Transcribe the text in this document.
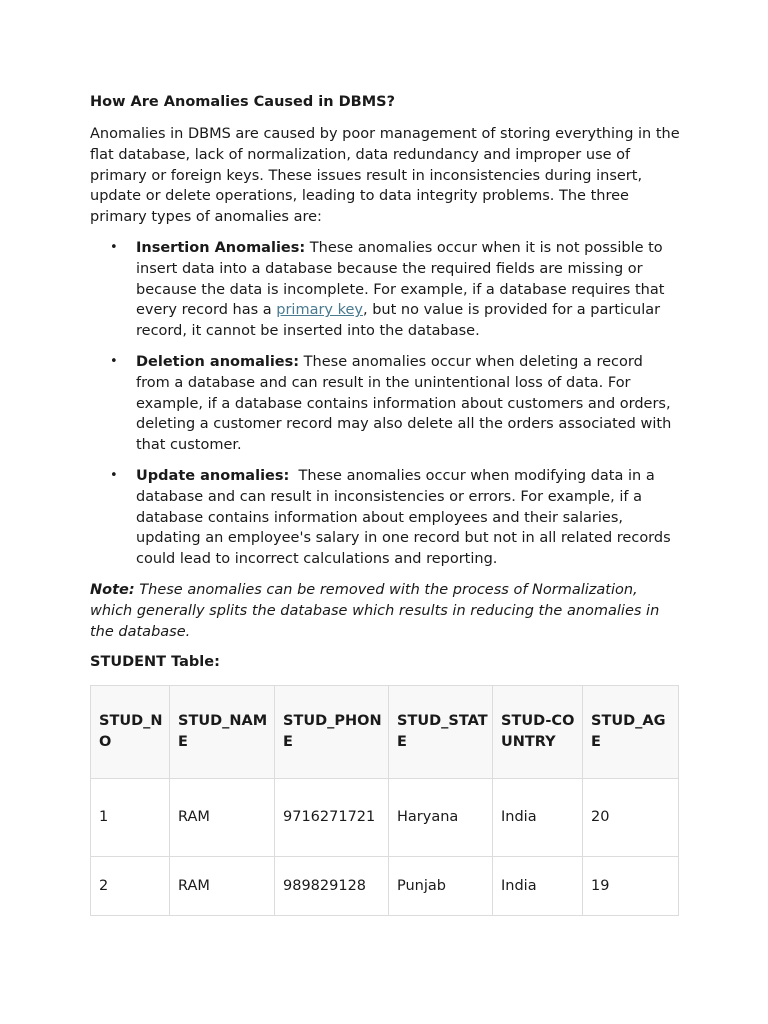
How Are Anomalies Caused in DBMS?

Anomalies in DBMS are caused by poor management of storing everything in the flat database, lack of normalization, data redundancy and improper use of primary or foreign keys. These issues result in inconsistencies during insert, update or delete operations, leading to data integrity problems. The three primary types of anomalies are:

• Insertion Anomalies: These anomalies occur when it is not possible to insert data into a database because the required fields are missing or because the data is incomplete. For example, if a database requires that every record has a primary key, but no value is provided for a particular record, it cannot be inserted into the database.
• Deletion anomalies: These anomalies occur when deleting a record from a database and can result in the unintentional loss of data. For example, if a database contains information about customers and orders, deleting a customer record may also delete all the orders associated with that customer.
• Update anomalies:  These anomalies occur when modifying data in a database and can result in inconsistencies or errors. For example, if a database contains information about employees and their salaries, updating an employee's salary in one record but not in all related records could lead to incorrect calculations and reporting.

Note: These anomalies can be removed with the process of Normalization, which generally splits the database which results in reducing the anomalies in the database.

STUDENT Table:
STUD_NO	STUD_NAME	STUD_PHONE	STUD_STATE	STUD-COUNTRY	STUD_AGE
1	RAM	9716271721	Haryana	India	20
2	RAM	989829128	Punjab	India	19
